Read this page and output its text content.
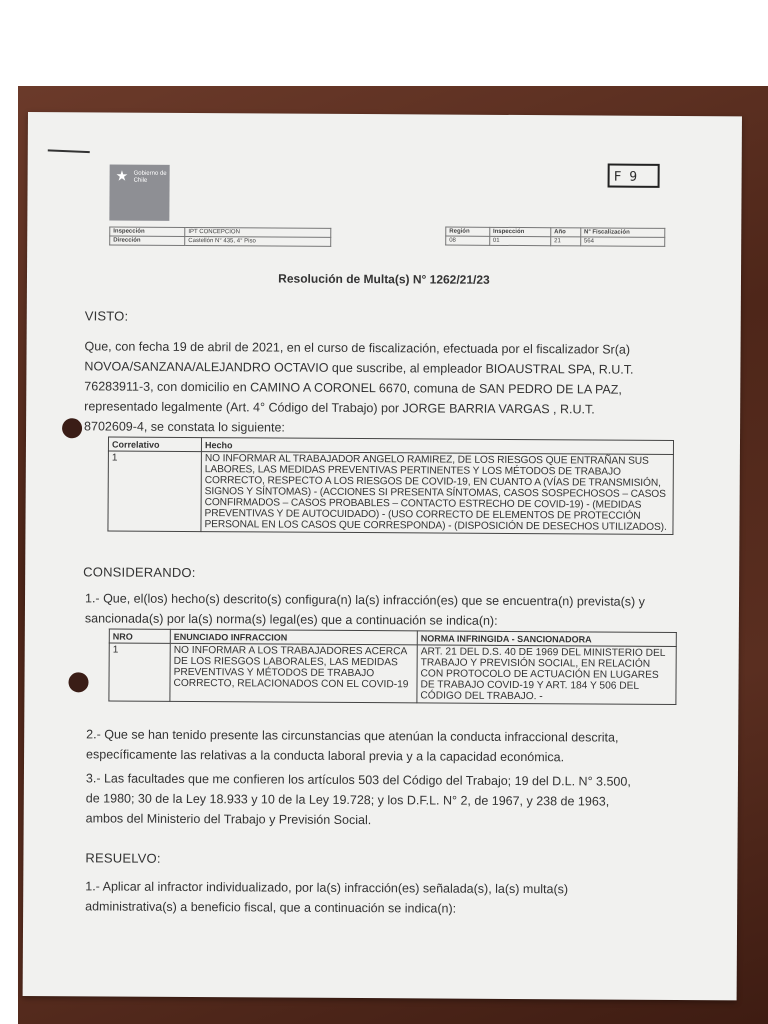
★ Gobierno de Chile	F 9
Inspección	IPT CONCEPCION
Dirección	Castellón N° 435, 4° Piso
Región	Inspección	Año	N° Fiscalización
08	01	21	564
Resolución de Multa(s) N° 1262/21/23
VISTO:
Que, con fecha 19 de abril de 2021, en el curso de fiscalización, efectuada por el fiscalizador Sr(a)
NOVOA/SANZANA/ALEJANDRO OCTAVIO que suscribe, al empleador BIOAUSTRAL SPA, R.U.T.
76283911-3, con domicilio en CAMINO A CORONEL 6670, comuna de SAN PEDRO DE LA PAZ,
representado legalmente (Art. 4° Código del Trabajo) por JORGE BARRIA VARGAS , R.U.T.
8702609-4, se constata lo siguiente:
Correlativo	Hecho
1	NO INFORMAR AL TRABAJADOR ANGELO RAMIREZ, DE LOS RIESGOS QUE ENTRAÑAN SUS LABORES, LAS MEDIDAS PREVENTIVAS PERTINENTES Y LOS MÉTODOS DE TRABAJO CORRECTO, RESPECTO A LOS RIESGOS DE COVID-19, EN CUANTO A (VÍAS DE TRANSMISIÓN, SIGNOS Y SÍNTOMAS) - (ACCIONES SI PRESENTA SÍNTOMAS, CASOS SOSPECHOSOS – CASOS CONFIRMADOS – CASOS PROBABLES – CONTACTO ESTRECHO DE COVID-19) - (MEDIDAS PREVENTIVAS Y DE AUTOCUIDADO) - (USO CORRECTO DE ELEMENTOS DE PROTECCIÓN PERSONAL EN LOS CASOS QUE CORRESPONDA) - (DISPOSICIÓN DE DESECHOS UTILIZADOS).
CONSIDERANDO:
1.- Que, el(los) hecho(s) descrito(s) configura(n) la(s) infracción(es) que se encuentra(n) prevista(s) y
sancionada(s) por la(s) norma(s) legal(es) que a continuación se indica(n):
NRO	ENUNCIADO INFRACCION	NORMA INFRINGIDA - SANCIONADORA
1	NO INFORMAR A LOS TRABAJADORES ACERCA DE LOS RIESGOS LABORALES, LAS MEDIDAS PREVENTIVAS Y MÉTODOS DE TRABAJO CORRECTO, RELACIONADOS CON EL COVID-19	ART. 21 DEL D.S. 40 DE 1969 DEL MINISTERIO DEL TRABAJO Y PREVISIÓN SOCIAL, EN RELACIÓN CON PROTOCOLO DE ACTUACIÓN EN LUGARES DE TRABAJO COVID-19 Y ART. 184 Y 506 DEL CÓDIGO DEL TRABAJO. -
2.- Que se han tenido presente las circunstancias que atenúan la conducta infraccional descrita,
específicamente las relativas a la conducta laboral previa y a la capacidad económica.
3.- Las facultades que me confieren los artículos 503 del Código del Trabajo; 19 del D.L. N° 3.500,
de 1980; 30 de la Ley 18.933 y 10 de la Ley 19.728; y los D.F.L. N° 2, de 1967, y 238 de 1963,
ambos del Ministerio del Trabajo y Previsión Social.
RESUELVO:
1.- Aplicar al infractor individualizado, por la(s) infracción(es) señalada(s), la(s) multa(s)
administrativa(s) a beneficio fiscal, que a continuación se indica(n):
